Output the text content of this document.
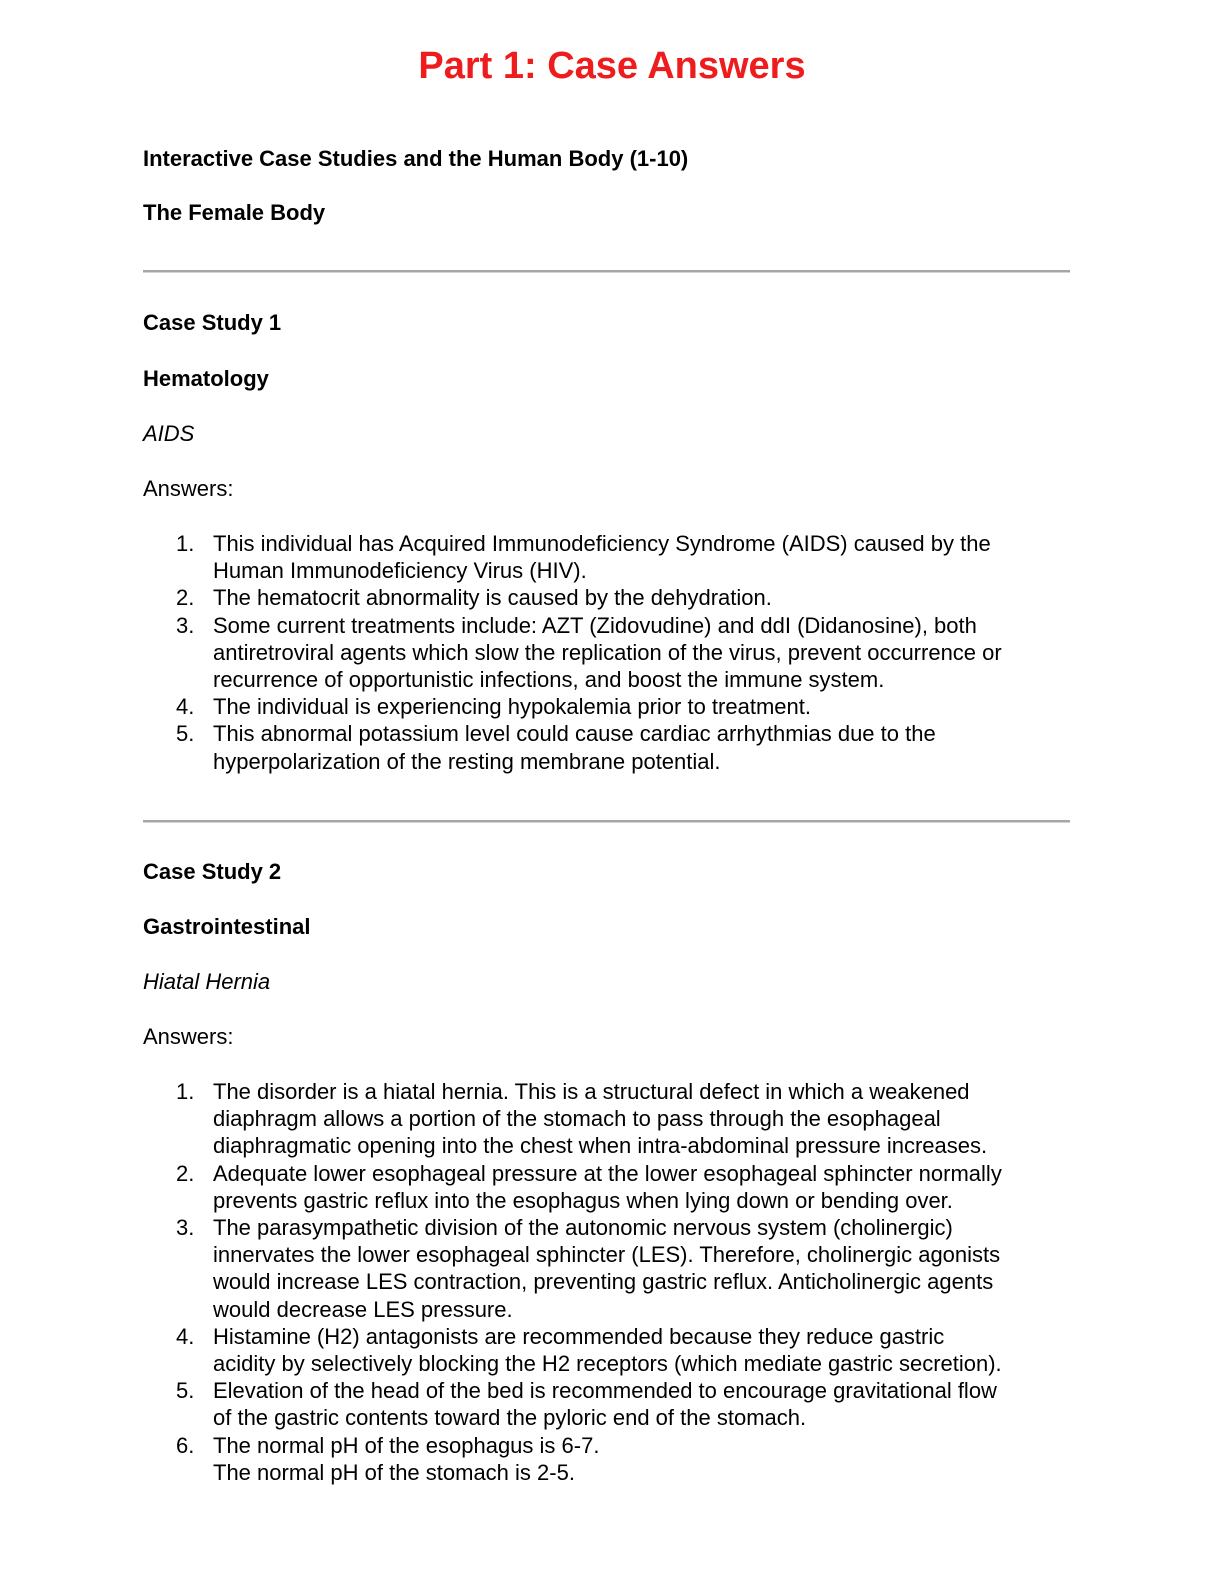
Part 1: Case Answers
Interactive Case Studies and the Human Body (1-10)
The Female Body
Case Study 1
Hematology
AIDS
Answers:
1. This individual has Acquired Immunodeficiency Syndrome (AIDS) caused by the
Human Immunodeficiency Virus (HIV).
2. The hematocrit abnormality is caused by the dehydration.
3. Some current treatments include: AZT (Zidovudine) and ddI (Didanosine), both
antiretroviral agents which slow the replication of the virus, prevent occurrence or
recurrence of opportunistic infections, and boost the immune system.
4. The individual is experiencing hypokalemia prior to treatment.
5. This abnormal potassium level could cause cardiac arrhythmias due to the
hyperpolarization of the resting membrane potential.
Case Study 2
Gastrointestinal
Hiatal Hernia
Answers:
1. The disorder is a hiatal hernia. This is a structural defect in which a weakened
diaphragm allows a portion of the stomach to pass through the esophageal
diaphragmatic opening into the chest when intra-abdominal pressure increases.
2. Adequate lower esophageal pressure at the lower esophageal sphincter normally
prevents gastric reflux into the esophagus when lying down or bending over.
3. The parasympathetic division of the autonomic nervous system (cholinergic)
innervates the lower esophageal sphincter (LES). Therefore, cholinergic agonists
would increase LES contraction, preventing gastric reflux. Anticholinergic agents
would decrease LES pressure.
4. Histamine (H2) antagonists are recommended because they reduce gastric
acidity by selectively blocking the H2 receptors (which mediate gastric secretion).
5. Elevation of the head of the bed is recommended to encourage gravitational flow
of the gastric contents toward the pyloric end of the stomach.
6. The normal pH of the esophagus is 6-7.
The normal pH of the stomach is 2-5.
